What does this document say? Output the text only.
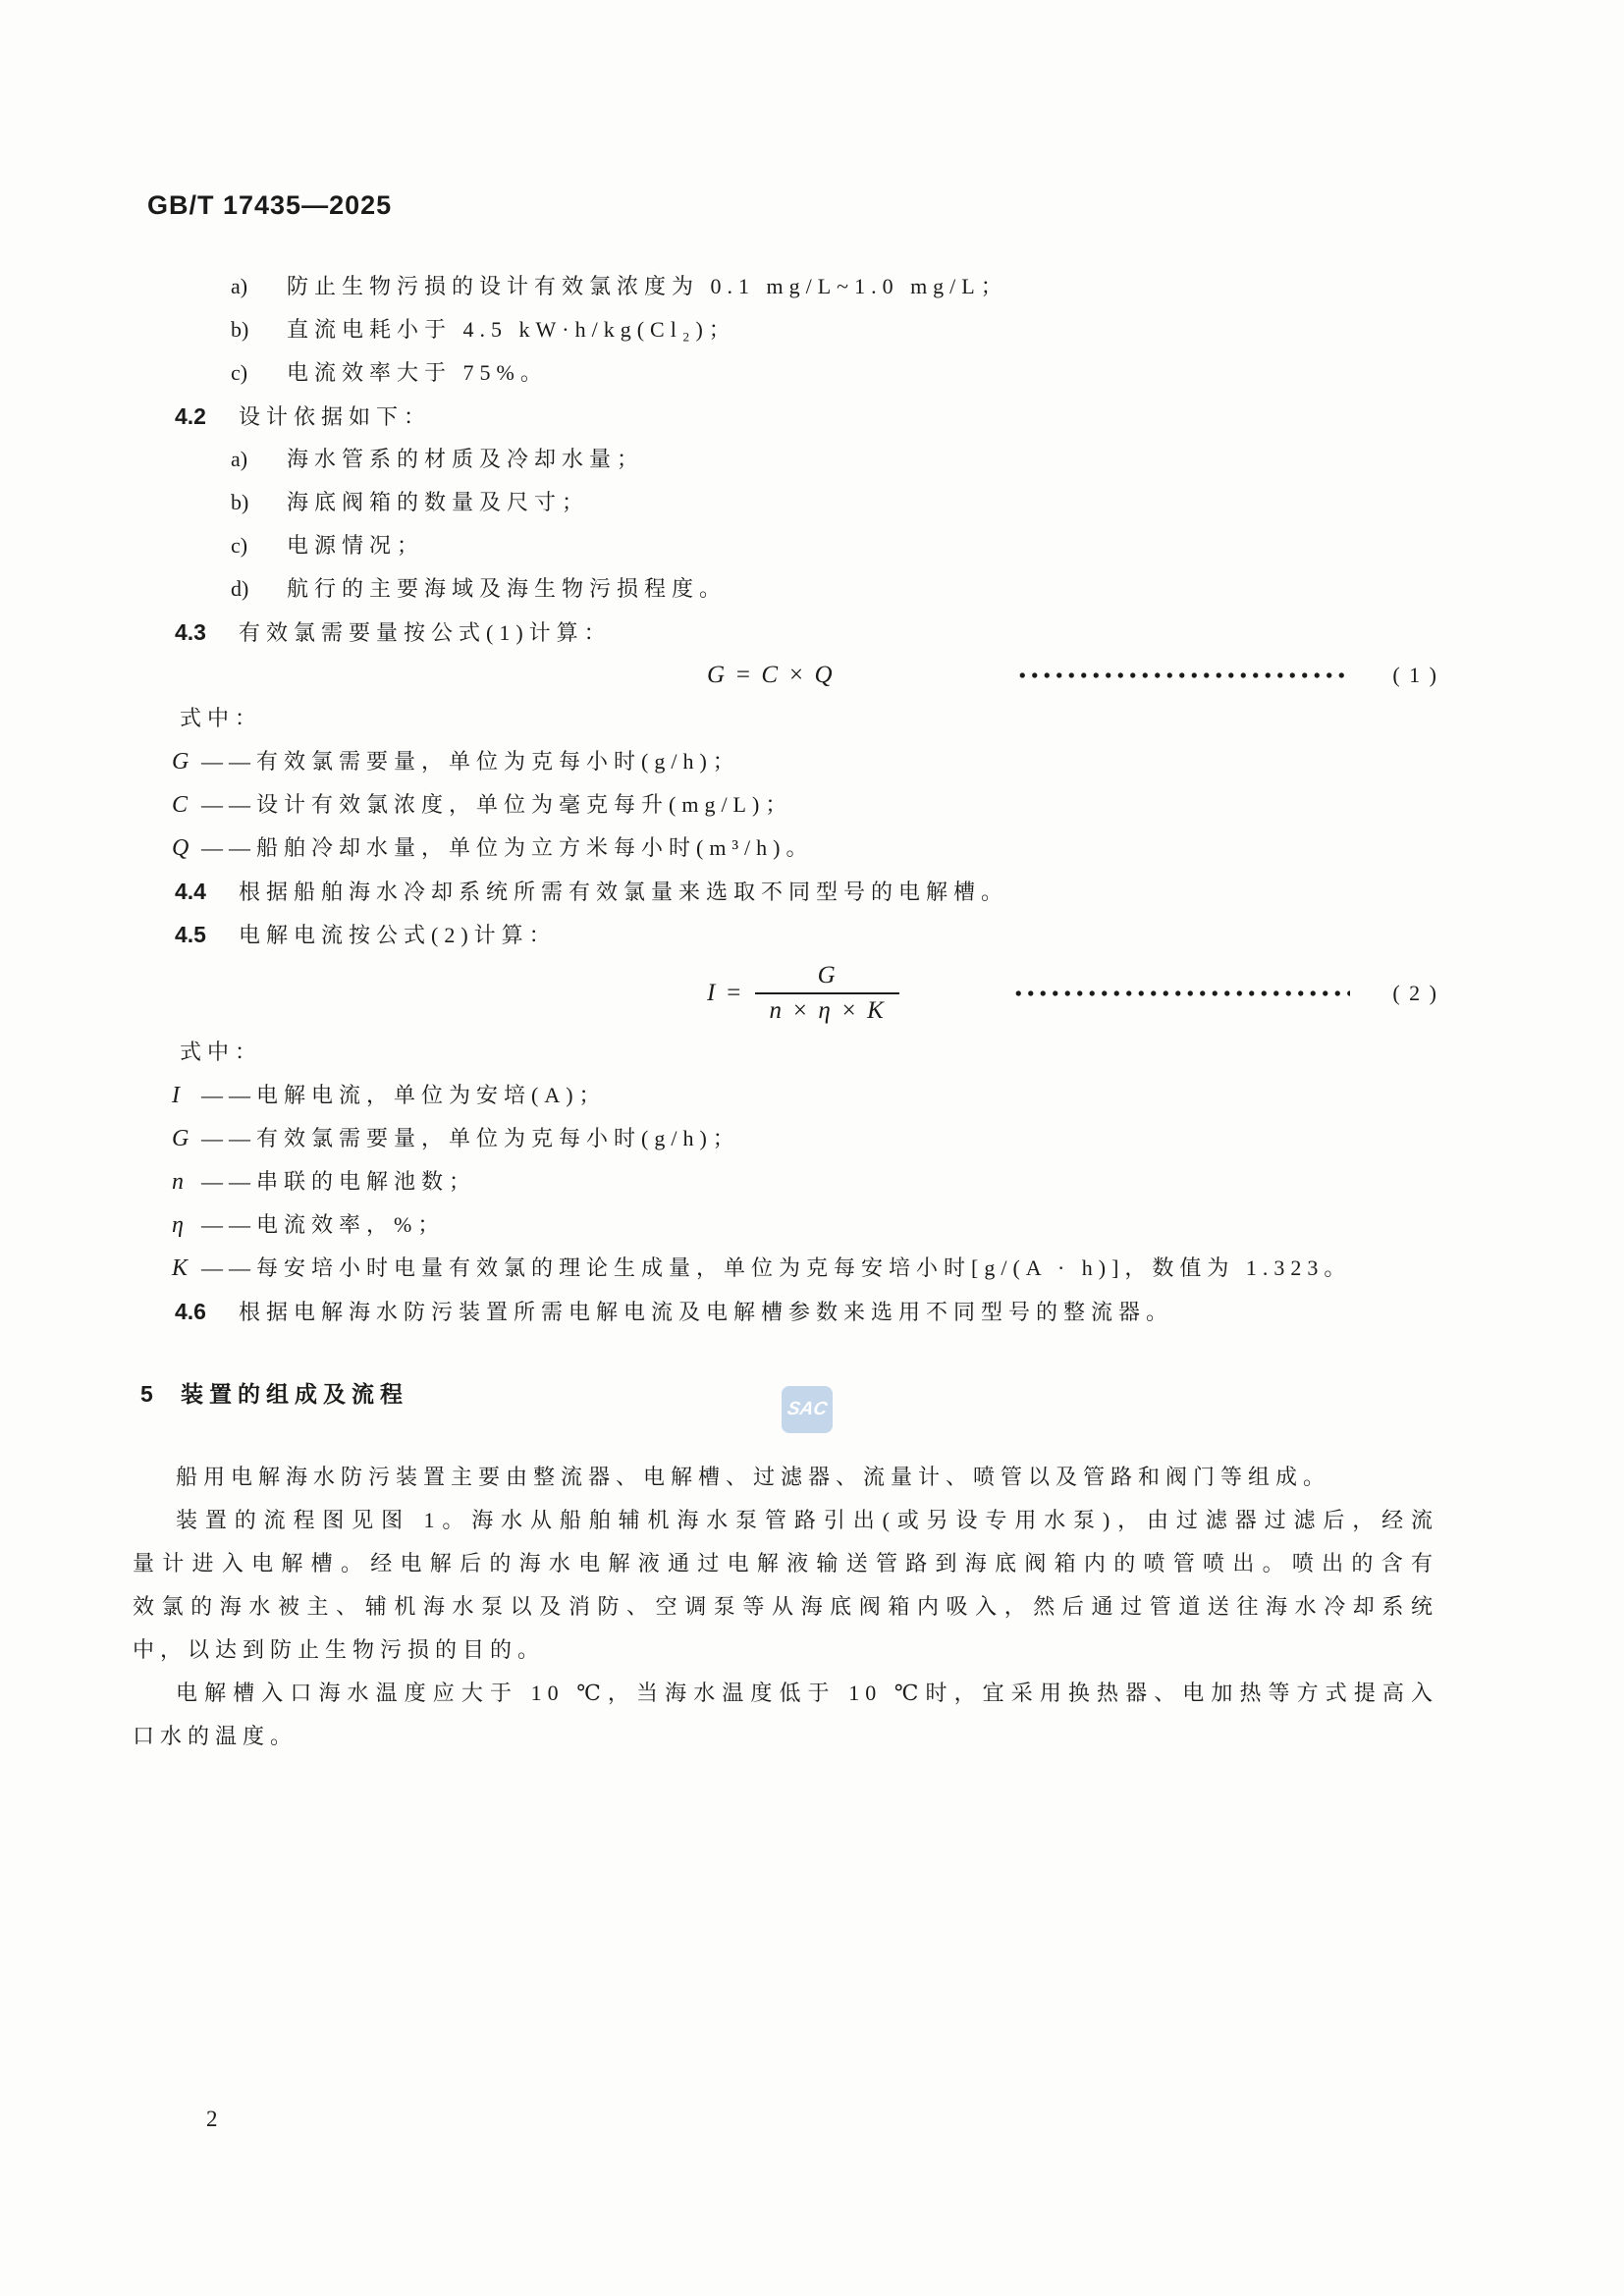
GB/T 17435—2025
a) 防止生物污损的设计有效氯浓度为 0.1 mg/L~1.0 mg/L；
b) 直流电耗小于 4.5 kW·h/kg(Cl₂)；
c) 电流效率大于 75%。
4.2 设计依据如下：
a) 海水管系的材质及冷却水量；
b) 海底阀箱的数量及尺寸；
c) 电源情况；
d) 航行的主要海域及海生物污损程度。
4.3 有效氯需要量按公式(1)计算：
G = C × Q	( 1 )
式中：
G ——有效氯需要量，单位为克每小时(g/h)；
C ——设计有效氯浓度，单位为毫克每升(mg/L)；
Q ——船舶冷却水量，单位为立方米每小时(m³/h)。
4.4 根据船舶海水冷却系统所需有效氯量来选取不同型号的电解槽。
4.5 电解电流按公式(2)计算：
$I = \frac{G}{n \times \eta \times K}$	( 2 )
式中：
I ——电解电流，单位为安培(A)；
G ——有效氯需要量，单位为克每小时(g/h)；
n ——串联的电解池数；
η ——电流效率，%；
K ——每安培小时电量有效氯的理论生成量，单位为克每安培小时[g/(A · h)]，数值为 1.323。
4.6 根据电解海水防污装置所需电解电流及电解槽参数来选用不同型号的整流器。
5 装置的组成及流程
船用电解海水防污装置主要由整流器、电解槽、过滤器、流量计、喷管以及管路和阀门等组成。
装置的流程图见图 1。海水从船舶辅机海水泵管路引出(或另设专用水泵)，由过滤器过滤后，经流
量计进入电解槽。经电解后的海水电解液通过电解液输送管路到海底阀箱内的喷管喷出。喷出的含有
效氯的海水被主、辅机海水泵以及消防、空调泵等从海底阀箱内吸入，然后通过管道送往海水冷却系统
中，以达到防止生物污损的目的。
电解槽入口海水温度应大于 10 ℃，当海水温度低于 10 ℃时，宜采用换热器、电加热等方式提高入
口水的温度。
SAC
2
